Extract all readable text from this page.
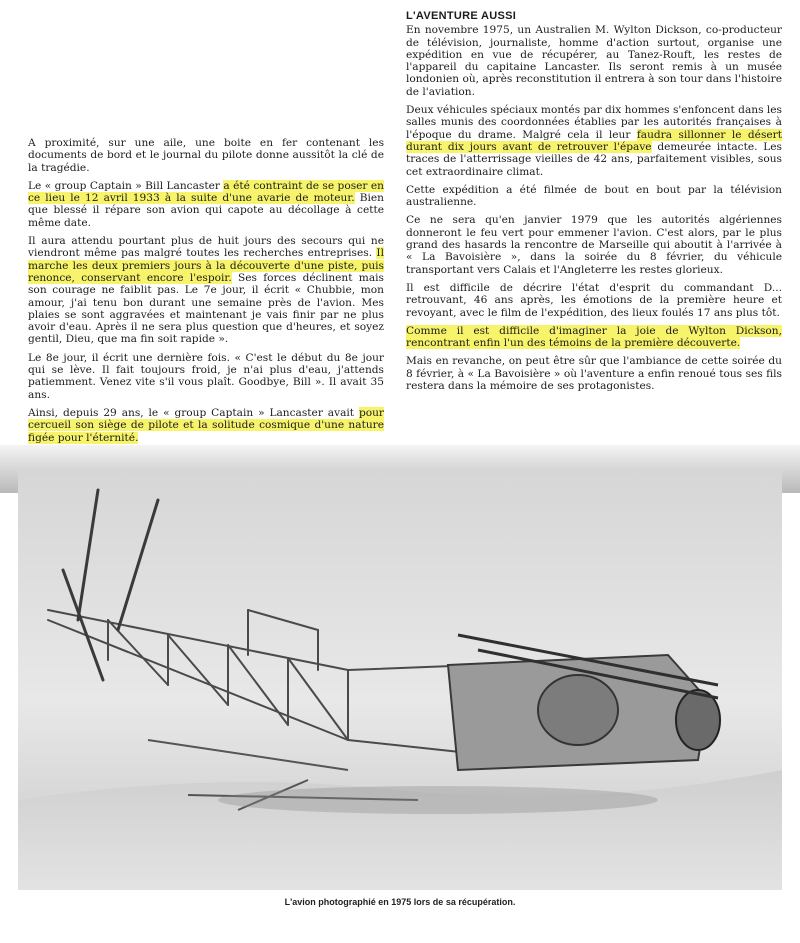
A proximité, sur une aile, une boite en fer contenant les documents de bord et le journal du pilote donne aussitôt la clé de la tragédie.

Le « group Captain » Bill Lancaster a été contraint de se poser en ce lieu le 12 avril 1933 à la suite d'une avarie de moteur. Bien que blessé il répare son avion qui capote au décollage à cette même date.

Il aura attendu pourtant plus de huit jours des secours qui ne viendront même pas malgré toutes les recherches entreprises. Il marche les deux premiers jours à la découverte d'une piste, puis renonce, conservant encore l'espoir. Ses forces déclinent mais son courage ne faiblit pas. Le 7e jour, il écrit « Chubbie, mon amour, j'ai tenu bon durant une semaine près de l'avion. Mes plaies se sont aggravées et maintenant je vais finir par ne plus avoir d'eau. Après il ne sera plus question que d'heures, et soyez gentil, Dieu, que ma fin soit rapide ».

Le 8e jour, il écrit une dernière fois. « C'est le début du 8e jour qui se lève. Il fait toujours froid, je n'ai plus d'eau, j'attends patiemment. Venez vite s'il vous plaît. Goodbye, Bill ». Il avait 35 ans.

Ainsi, depuis 29 ans, le « group Captain » Lancaster avait pour cercueil son siège de pilote et la solitude cosmique d'une nature figée pour l'éternité.

L'AVENTURE AUSSI

En novembre 1975, un Australien M. Wylton Dickson, co-producteur de télévision, journaliste, homme d'action surtout, organise une expédition en vue de récupérer, au Tanez-Rouft, les restes de l'appareil du capitaine Lancaster. Ils seront remis à un musée londonien où, après reconstitution il entrera à son tour dans l'histoire de l'aviation.

Deux véhicules spéciaux montés par dix hommes s'enfoncent dans les salles munis des coordonnées établies par les autorités françaises à l'époque du drame. Malgré cela il leur faudra sillonner le désert durant dix jours avant de retrouver l'épave demeurée intacte. Les traces de l'atterrissage vieilles de 42 ans, parfaitement visibles, sous cet extraordinaire climat.

Cette expédition a été filmée de bout en bout par la télévision australienne.

Ce ne sera qu'en janvier 1979 que les autorités algériennes donneront le feu vert pour emmener l'avion. C'est alors, par le plus grand des hasards la rencontre de Marseille qui aboutit à l'arrivée à « La Bavoisière », dans la soirée du 8 février, du véhicule transportant vers Calais et l'Angleterre les restes glorieux.

Il est difficile de décrire l'état d'esprit du commandant D... retrouvant, 46 ans après, les émotions de la première heure et revoyant, avec le film de l'expédition, des lieux foulés 17 ans plus tôt.

Comme il est difficile d'imaginer la joie de Wylton Dickson, rencontrant enfin l'un des témoins de la première découverte.

Mais en revanche, on peut être sûr que l'ambiance de cette soirée du 8 février, à « La Bavoisière » où l'aventure a enfin renoué tous ses fils restera dans la mémoire de ses protagonistes.

L'avion photographié en 1975 lors de sa récupération.
